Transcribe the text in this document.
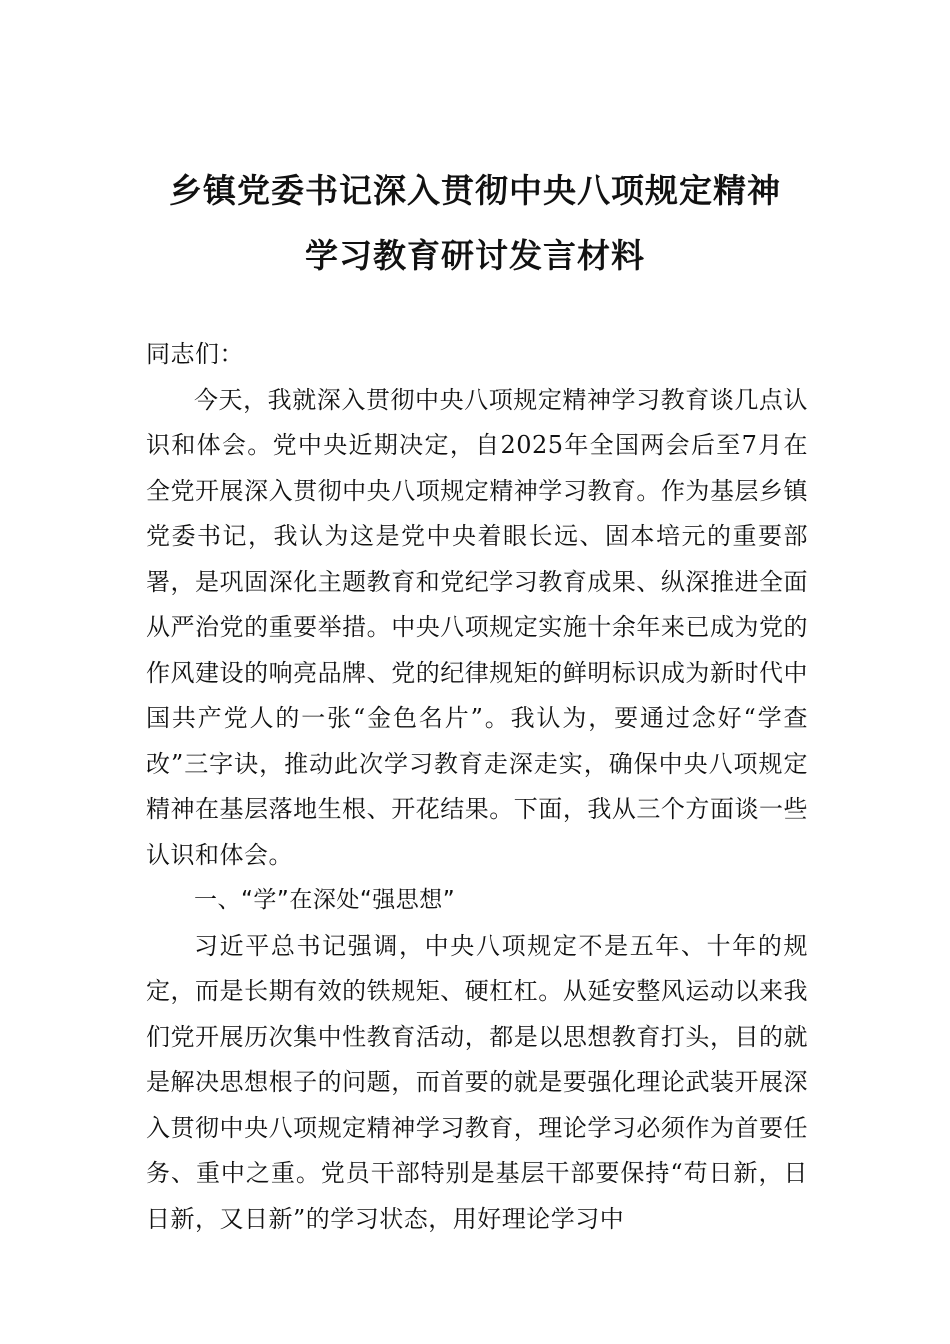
乡镇党委书记深入贯彻中央八项规定精神
学习教育研讨发言材料

同志们：

今天，我就深入贯彻中央八项规定精神学习教育谈几点认识和体会。党中央近期决定，自2025年全国两会后至7月在全党开展深入贯彻中央八项规定精神学习教育。作为基层乡镇党委书记，我认为这是党中央着眼长远、固本培元的重要部署，是巩固深化主题教育和党纪学习教育成果、纵深推进全面从严治党的重要举措。中央八项规定实施十余年来已成为党的作风建设的响亮品牌、党的纪律规矩的鲜明标识成为新时代中国共产党人的一张“金色名片”。我认为，要通过念好“学查改”三字诀，推动此次学习教育走深走实，确保中央八项规定精神在基层落地生根、开花结果。下面，我从三个方面谈一些认识和体会。

一、“学”在深处“强思想”

习近平总书记强调，中央八项规定不是五年、十年的规定，而是长期有效的铁规矩、硬杠杠。从延安整风运动以来我们党开展历次集中性教育活动，都是以思想教育打头，目的就是解决思想根子的问题，而首要的就是要强化理论武装开展深入贯彻中央八项规定精神学习教育，理论学习必须作为首要任务、重中之重。党员干部特别是基层干部要保持“苟日新，日日新，又日新”的学习状态，用好理论学习中
